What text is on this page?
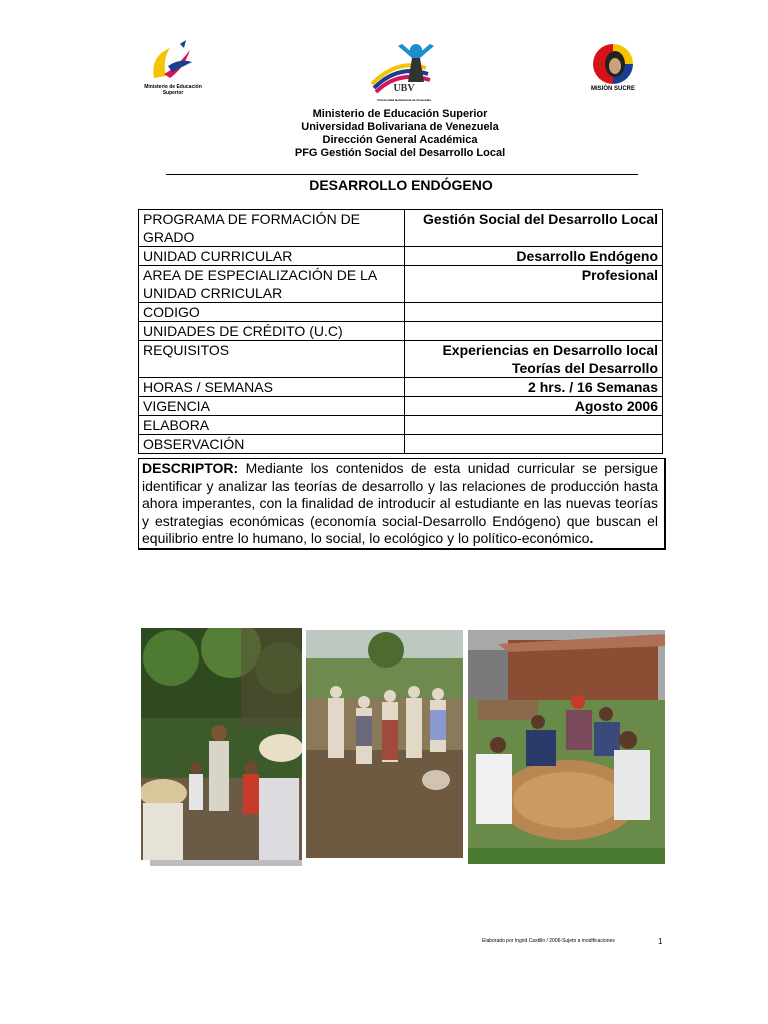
Ministerio de Educación Superior	UBV
Universidad Bolivariana de Venezuela
MISIÓN SUCRE
Ministerio de Educación Superior
Universidad Bolivariana de Venezuela
Dirección General Académica
PFG Gestión Social del Desarrollo Local
DESARROLLO ENDÓGENO
PROGRAMA DE FORMACIÓN DE GRADO	Gestión Social del Desarrollo Local
UNIDAD CURRICULAR	Desarrollo Endógeno
AREA DE ESPECIALIZACIÓN DE LA UNIDAD CRRICULAR	Profesional
CODIGO	
UNIDADES DE CRÉDITO (U.C)	
REQUISITOS	Experiencias en Desarrollo local Teorías del Desarrollo
HORAS / SEMANAS	2 hrs. / 16 Semanas
VIGENCIA	Agosto 2006
ELABORA	
OBSERVACIÓN	
DESCRIPTOR: Mediante los contenidos de esta unidad curricular se persigue identificar y analizar las teorías de desarrollo y las relaciones de producción hasta ahora imperantes, con la finalidad de introducir al estudiante en las nuevas teorías y estrategias económicas (economía social-Desarrollo Endógeno) que buscan el equilibrio entre lo humano, lo social, lo ecológico y lo político-económico.
Elaborado por Ingrid Castillo / 2006-Sujeto a modificaciones	1
